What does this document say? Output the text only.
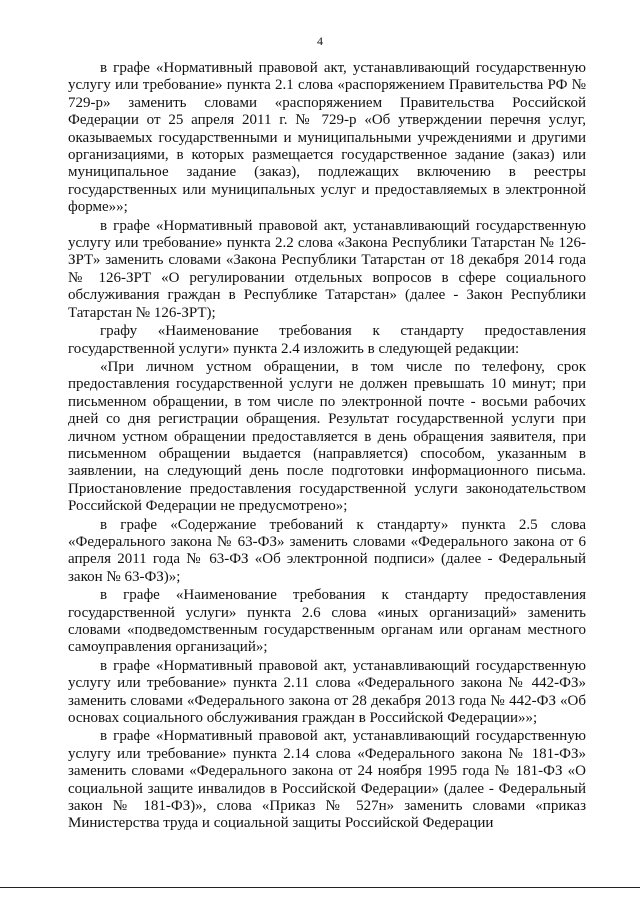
4

в графе «Нормативный правовой акт, устанавливающий государственную услугу или требование» пункта 2.1 слова «распоряжением Правительства РФ № 729-р» заменить словами «распоряжением Правительства Российской Федерации от 25 апреля 2011 г. № 729-р «Об утверждении перечня услуг, оказываемых государственными и муниципальными учреждениями и другими организациями, в которых размещается государственное задание (заказ) или муниципальное задание (заказ), подлежащих включению в реестры государственных или муниципальных услуг и предоставляемых в электронной форме»»;

в графе «Нормативный правовой акт, устанавливающий государственную услугу или требование» пункта 2.2 слова «Закона Республики Татарстан № 126-ЗРТ» заменить словами «Закона Республики Татарстан от 18 декабря 2014 года № 126-ЗРТ «О регулировании отдельных вопросов в сфере социального обслуживания граждан в Республике Татарстан» (далее - Закон Республики Татарстан № 126-ЗРТ);

графу «Наименование требования к стандарту предоставления государственной услуги» пункта 2.4 изложить в следующей редакции:

«При личном устном обращении, в том числе по телефону, срок предоставления государственной услуги не должен превышать 10 минут; при письменном обращении, в том числе по электронной почте - восьми рабочих дней со дня регистрации обращения. Результат государственной услуги при личном устном обращении предоставляется в день обращения заявителя, при письменном обращении выдается (направляется) способом, указанным в заявлении, на следующий день после подготовки информационного письма. Приостановление предоставления государственной услуги законодательством Российской Федерации не предусмотрено»;

в графе «Содержание требований к стандарту» пункта 2.5 слова «Федерального закона № 63-ФЗ» заменить словами «Федерального закона от 6 апреля 2011 года № 63-ФЗ «Об электронной подписи» (далее - Федеральный закон № 63-ФЗ)»;

в графе «Наименование требования к стандарту предоставления государственной услуги» пункта 2.6 слова «иных организаций» заменить словами «подведомственным государственным органам или органам местного самоуправления организаций»;

в графе «Нормативный правовой акт, устанавливающий государственную услугу или требование» пункта 2.11 слова «Федерального закона № 442-ФЗ» заменить словами «Федерального закона от 28 декабря 2013 года № 442-ФЗ «Об основах социального обслуживания граждан в Российской Федерации»»;

в графе «Нормативный правовой акт, устанавливающий государственную услугу или требование» пункта 2.14 слова «Федерального закона № 181-ФЗ» заменить словами «Федерального закона от 24 ноября 1995 года № 181-ФЗ «О социальной защите инвалидов в Российской Федерации» (далее - Федеральный закон № 181-ФЗ)», слова «Приказ № 527н» заменить словами «приказ Министерства труда и социальной защиты Российской Федерации
